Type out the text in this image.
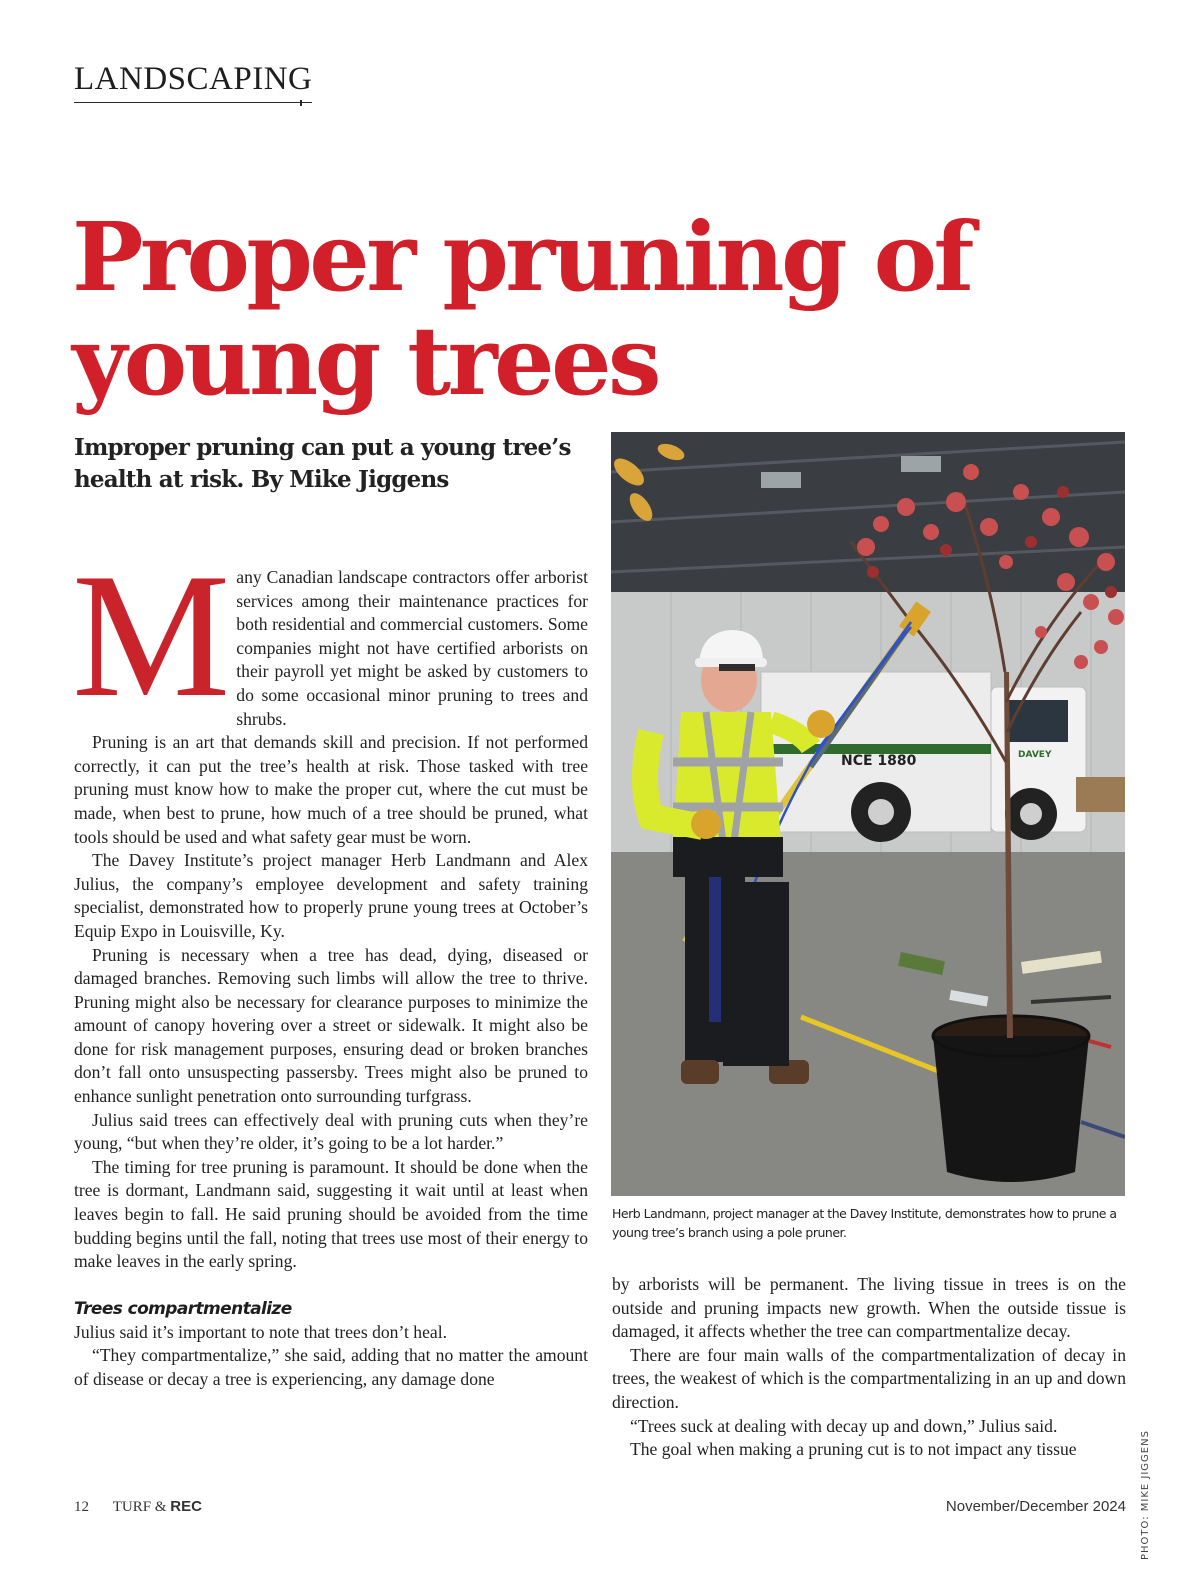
LANDSCAPING
Proper pruning of young trees

Improper pruning can put a young tree’s health at risk. By Mike Jiggens

Many Canadian landscape contractors offer arborist services among their maintenance practices for both residential and commercial customers. Some companies might not have certified arborists on their payroll yet might be asked by customers to do some occasional minor pruning to trees and shrubs.

Pruning is an art that demands skill and precision. If not performed correctly, it can put the tree’s health at risk. Those tasked with tree pruning must know how to make the proper cut, where the cut must be made, when best to prune, how much of a tree should be pruned, what tools should be used and what safety gear must be worn.

The Davey Institute’s project manager Herb Landmann and Alex Julius, the company’s employee development and safety training specialist, demonstrated how to properly prune young trees at October’s Equip Expo in Louisville, Ky.

Pruning is necessary when a tree has dead, dying, diseased or damaged branches. Removing such limbs will allow the tree to thrive. Pruning might also be necessary for clearance purposes to minimize the amount of canopy hovering over a street or sidewalk. It might also be done for risk management purposes, ensuring dead or broken branches don’t fall onto unsuspecting passersby. Trees might also be pruned to enhance sunlight penetration onto surrounding turfgrass.

Julius said trees can effectively deal with pruning cuts when they’re young, “but when they’re older, it’s going to be a lot harder.”

The timing for tree pruning is paramount. It should be done when the tree is dormant, Landmann said, suggesting it wait until at least when leaves begin to fall. He said pruning should be avoided from the time budding begins until the fall, noting that trees use most of their energy to make leaves in the early spring.

Trees compartmentalize

Julius said it’s important to note that trees don’t heal.

“They compartmentalize,” she said, adding that no matter the amount of disease or decay a tree is experiencing, any damage done

NCE 1880	DAVEY

Herb Landmann, project manager at the Davey Institute, demonstrates how to prune a young tree’s branch using a pole pruner.

by arborists will be permanent. The living tissue in trees is on the outside and pruning impacts new growth. When the outside tissue is damaged, it affects whether the tree can compartmentalize decay.

There are four main walls of the compartmentalization of decay in trees, the weakest of which is the compartmentalizing in an up and down direction.

“Trees suck at dealing with decay up and down,” Julius said.

The goal when making a pruning cut is to not impact any tissue	PHOTO: MIKE JIGGENS
12 TURF & REC	November/December 2024
